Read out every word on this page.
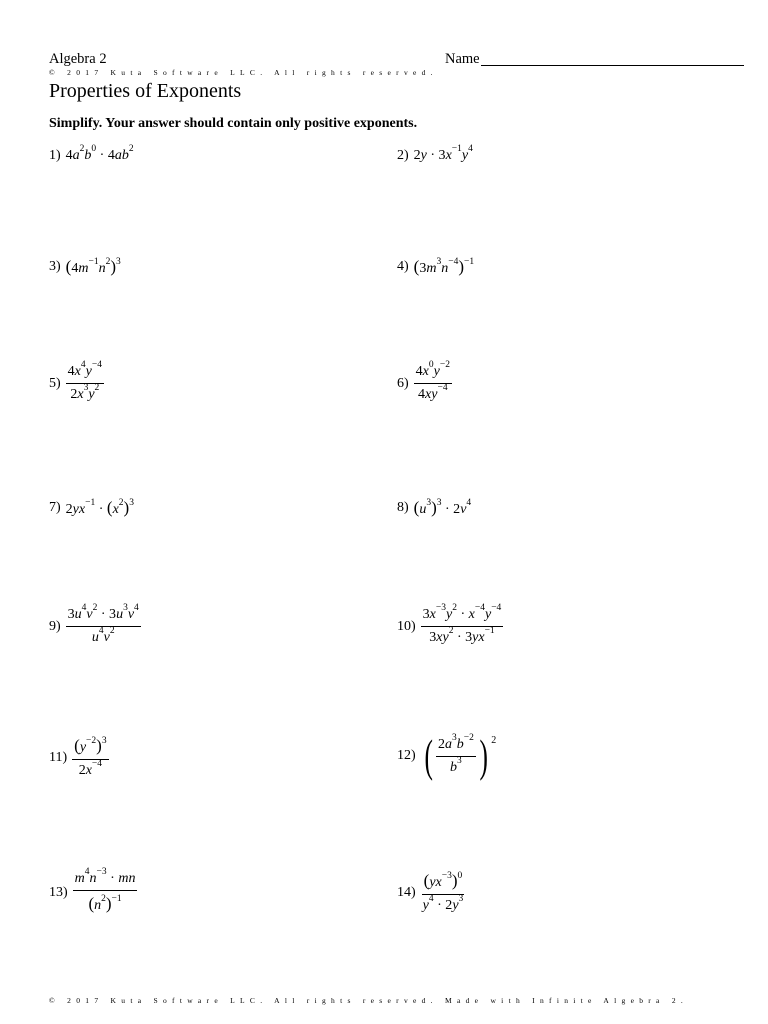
Algebra 2	Name
© 2017 Kuta Software LLC. All rights reserved.
Properties of Exponents
Simplify. Your answer should contain only positive exponents.
1) $4a^2b^0 \cdot 4ab^2$	2) $2y \cdot 3x^{-1}y^4$
3) $(4m^{-1}n^2)^3$	4) $(3m^3n^{-4})^{-1}$
$5) \frac{4x^4y^{-4}}{2x^3y^2}$	$6) \frac{4x^0y^{-2}}{4xy^{-4}}$
7) $2yx^{-1} \cdot (x^2)^3$	8) $(u^3)^3 \cdot 2v^4$
$9) \frac{3u^4v^2 \cdot 3u^3v^4}{u^4v^2}$	$10) \frac{3x^{-3}y^2 \cdot x^{-4}y^{-4}}{3xy^2 \cdot 3yx^{-1}}$
$11) \frac{(y^{-2})^3}{2x^{-4}}$	12) ( $\frac{2a^3b^{-2}}{b^3}$ ) 2
$13) \frac{m^4n^{-3} \cdot mn}{(n^2)^{-1}}$	$14) \frac{(yx^{-3})^0}{y^4 \cdot 2y^3}$
© 2017 Kuta Software LLC. All rights reserved. Made with Infinite Algebra 2.
